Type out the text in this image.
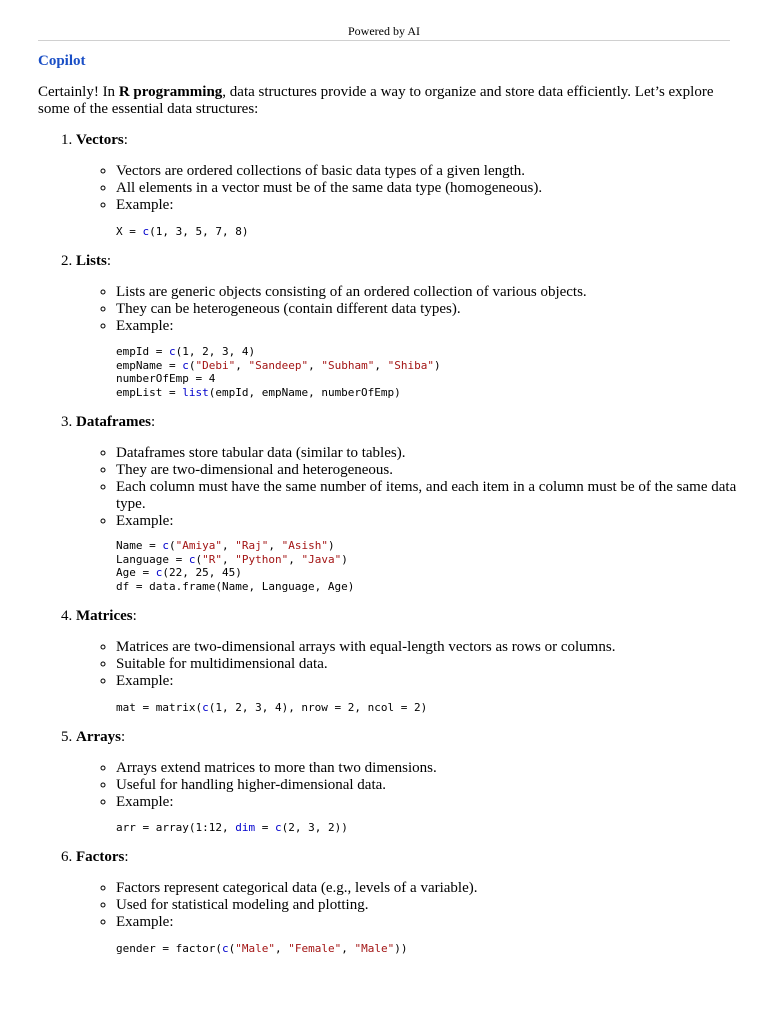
Powered by AI
Copilot

Certainly! In R programming, data structures provide a way to organize and store data efficiently. Let’s explore some of the essential data structures:

1. Vectors:

◦ Vectors are ordered collections of basic data types of a given length.
◦ All elements in a vector must be of the same data type (homogeneous).
◦ Example:
X = c(1, 3, 5, 7, 8)

2. Lists:

◦ Lists are generic objects consisting of an ordered collection of various objects.
◦ They can be heterogeneous (contain different data types).
◦ Example:
empId = c(1, 2, 3, 4)
empName = c("Debi", "Sandeep", "Subham", "Shiba")
numberOfEmp = 4
empList = list(empId, empName, numberOfEmp)

3. Dataframes:

◦ Dataframes store tabular data (similar to tables).
◦ They are two-dimensional and heterogeneous.
◦ Each column must have the same number of items, and each item in a column must be of the same data type.
◦ Example:
Name = c("Amiya", "Raj", "Asish")
Language = c("R", "Python", "Java")
Age = c(22, 25, 45)
df = data.frame(Name, Language, Age)

4. Matrices:

◦ Matrices are two-dimensional arrays with equal-length vectors as rows or columns.
◦ Suitable for multidimensional data.
◦ Example:
mat = matrix(c(1, 2, 3, 4), nrow = 2, ncol = 2)

5. Arrays:

◦ Arrays extend matrices to more than two dimensions.
◦ Useful for handling higher-dimensional data.
◦ Example:
arr = array(1:12, dim = c(2, 3, 2))

6. Factors:

◦ Factors represent categorical data (e.g., levels of a variable).
◦ Used for statistical modeling and plotting.
◦ Example:
gender = factor(c("Male", "Female", "Male"))
